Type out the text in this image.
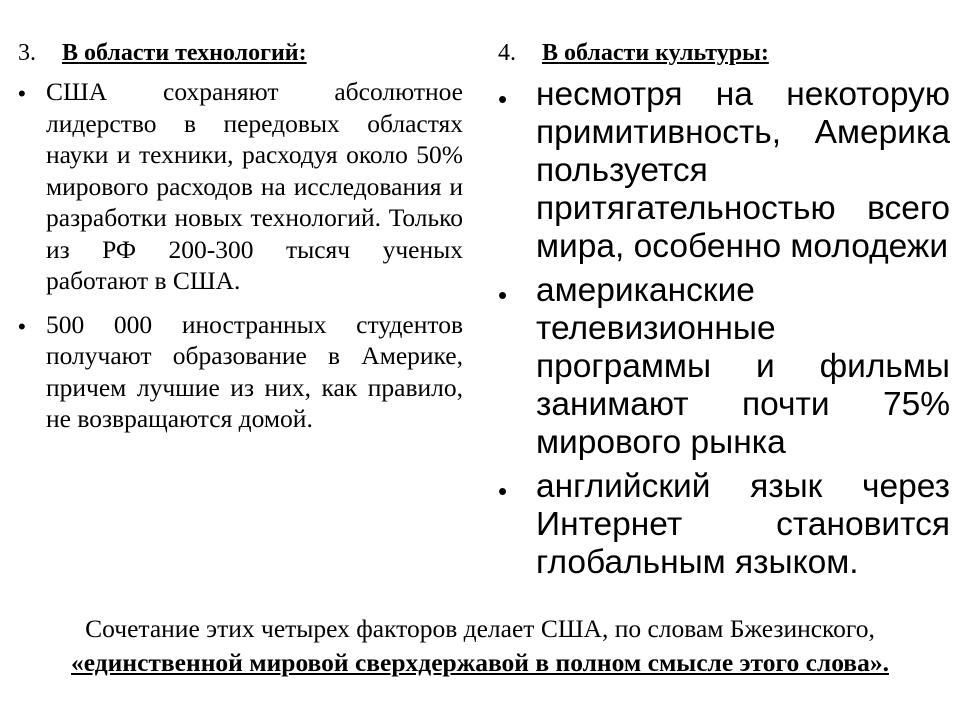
3. В области технологий:
• США сохраняют абсолютное лидерство в передовых областях науки и техники, расходуя около 50% мирового расходов на исследования и разработки новых технологий. Только из РФ 200-300 тысяч ученых работают в США.
• 500 000 иностранных студентов получают образование в Америке, причем лучшие из них, как правило, не возвращаются домой.
4. В области культуры:
• несмотря на некоторую примитивность, Америка пользуется притягательностью всего мира, особенно молодежи
• американские телевизионные программы и фильмы занимают почти 75% мирового рынка
• английский язык через Интернет становится глобальным языком.
Сочетание этих четырех факторов делает США, по словам Бжезинского, «единственной мировой сверхдержавой в полном смысле этого слова».
